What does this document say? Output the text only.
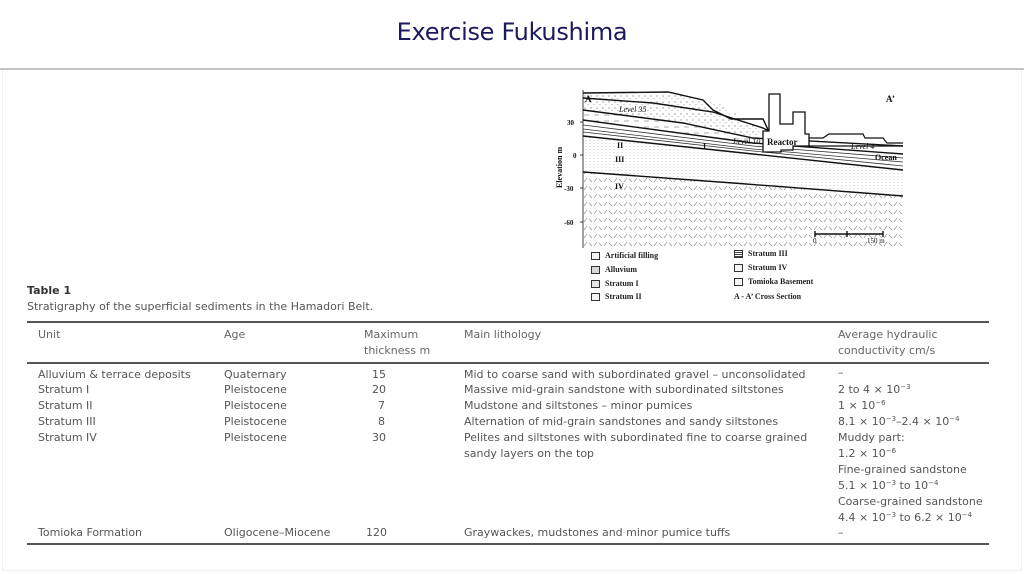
Exercise Fukushima
A	A’
Level 35
Level 10
Level 4
Reactor
Ocean
II	I
III
IV
30
0
-30
-60
Elevation m
0	150 m
Artificial filling
Alluvium
Stratum I
Stratum II
Stratum III
Stratum IV
Tomioka Basement
A - A’ Cross Section
Table 1
Stratigraphy of the superficial sediments in the Hamadori Belt.
Unit	Age	Maximum
thickness m
Main lithology	Average hydraulic
conductivity cm/s
Alluvium & terrace deposits	Quaternary	15	Mid to coarse sand with subordinated gravel – unconsolidated	–
Stratum I	Pleistocene	20	Massive mid-grain sandstone with subordinated siltstones	2 to $4 \times 10^{-3}$
Stratum II	Pleistocene	7	Mudstone and siltstones – minor pumices	$1 \times 10^{-6}$
Stratum III	Pleistocene	8	Alternation of mid-grain sandstones and sandy siltstones	$8.1 \times 10^{-3}-2.4 \times 10^{-4}$
Stratum IV	Pleistocene	30	Pelites and siltstones with subordinated fine to coarse grained
sandy layers on the top
Muddy part:
$1.2 \times 10^{-6}$
Fine-grained sandstone
$5.1 \times 10^{-3}$ to $10^{-4}$
Coarse-grained sandstone
$4.4 \times 10^{-3}$ to $6.2 \times 10^{-4}$
Tomioka Formation	Oligocene–Miocene	120	Graywackes, mudstones and minor pumice tuffs	–
